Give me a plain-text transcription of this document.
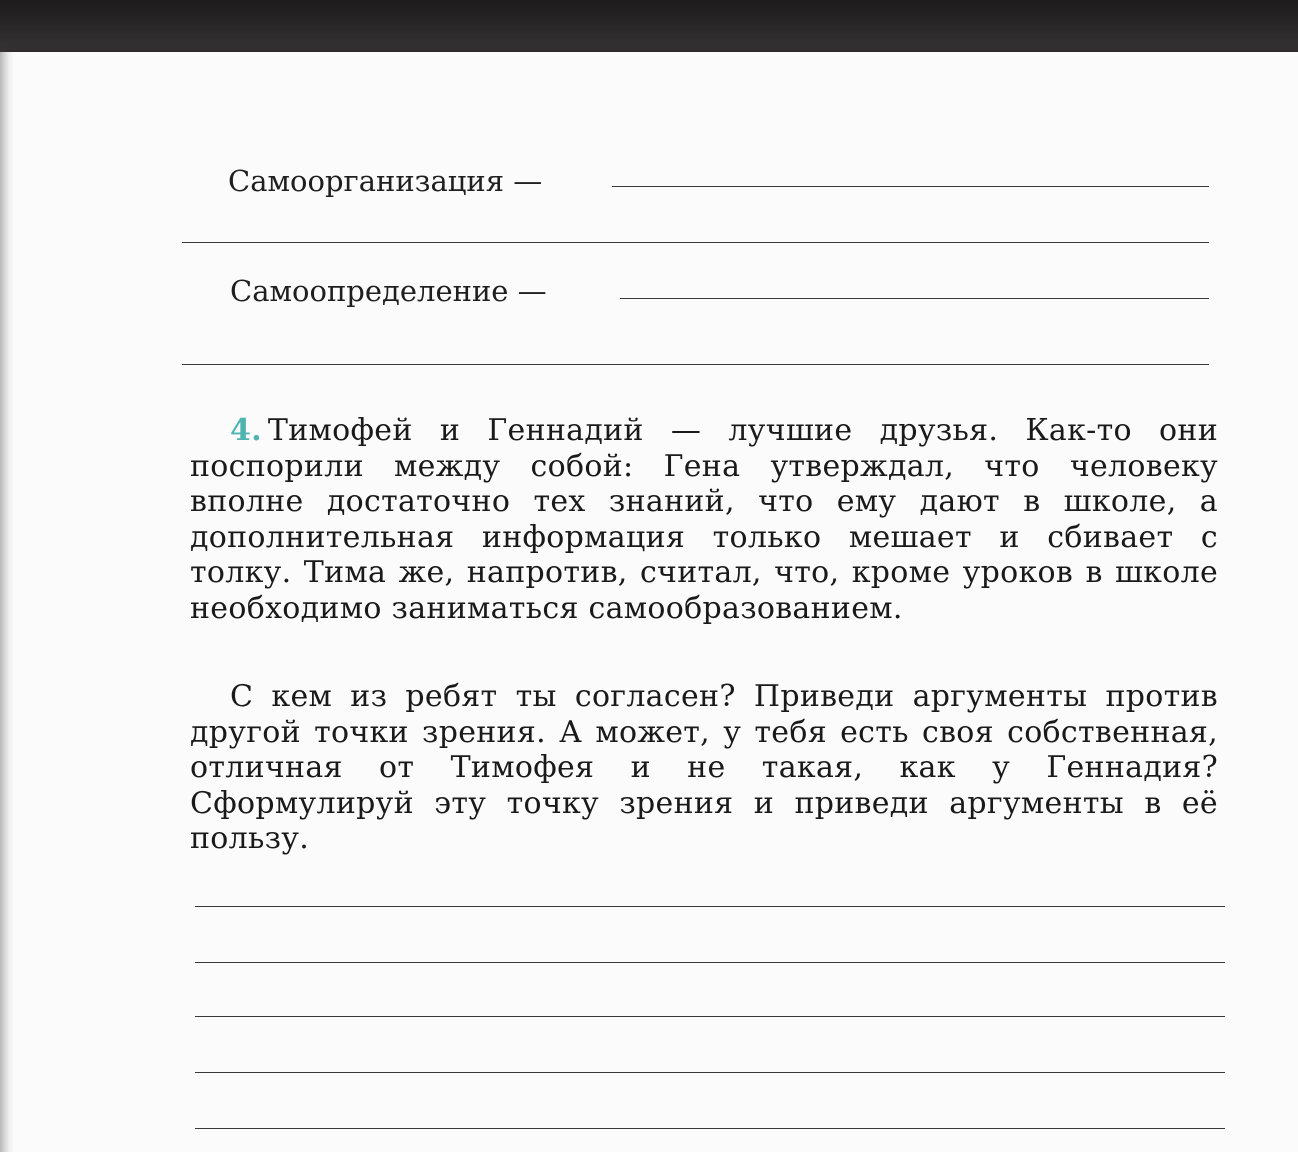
Самоорганизация —
Самоопределение —
4. Тимофей и Геннадий — лучшие друзья. Как-то они поспорили между собой: Гена утверждал, что человеку вполне достаточно тех знаний, что ему дают в школе, а дополнительная информация только мешает и сбивает с толку. Тима же, напротив, считал, что, кроме уроков в школе необходимо заниматься самообразованием.
С кем из ребят ты согласен? Приведи аргументы против другой точки зрения. А может, у тебя есть своя собственная, отличная от Тимофея и не такая, как у Геннадия? Сформулируй эту точку зрения и приведи аргументы в её пользу.
